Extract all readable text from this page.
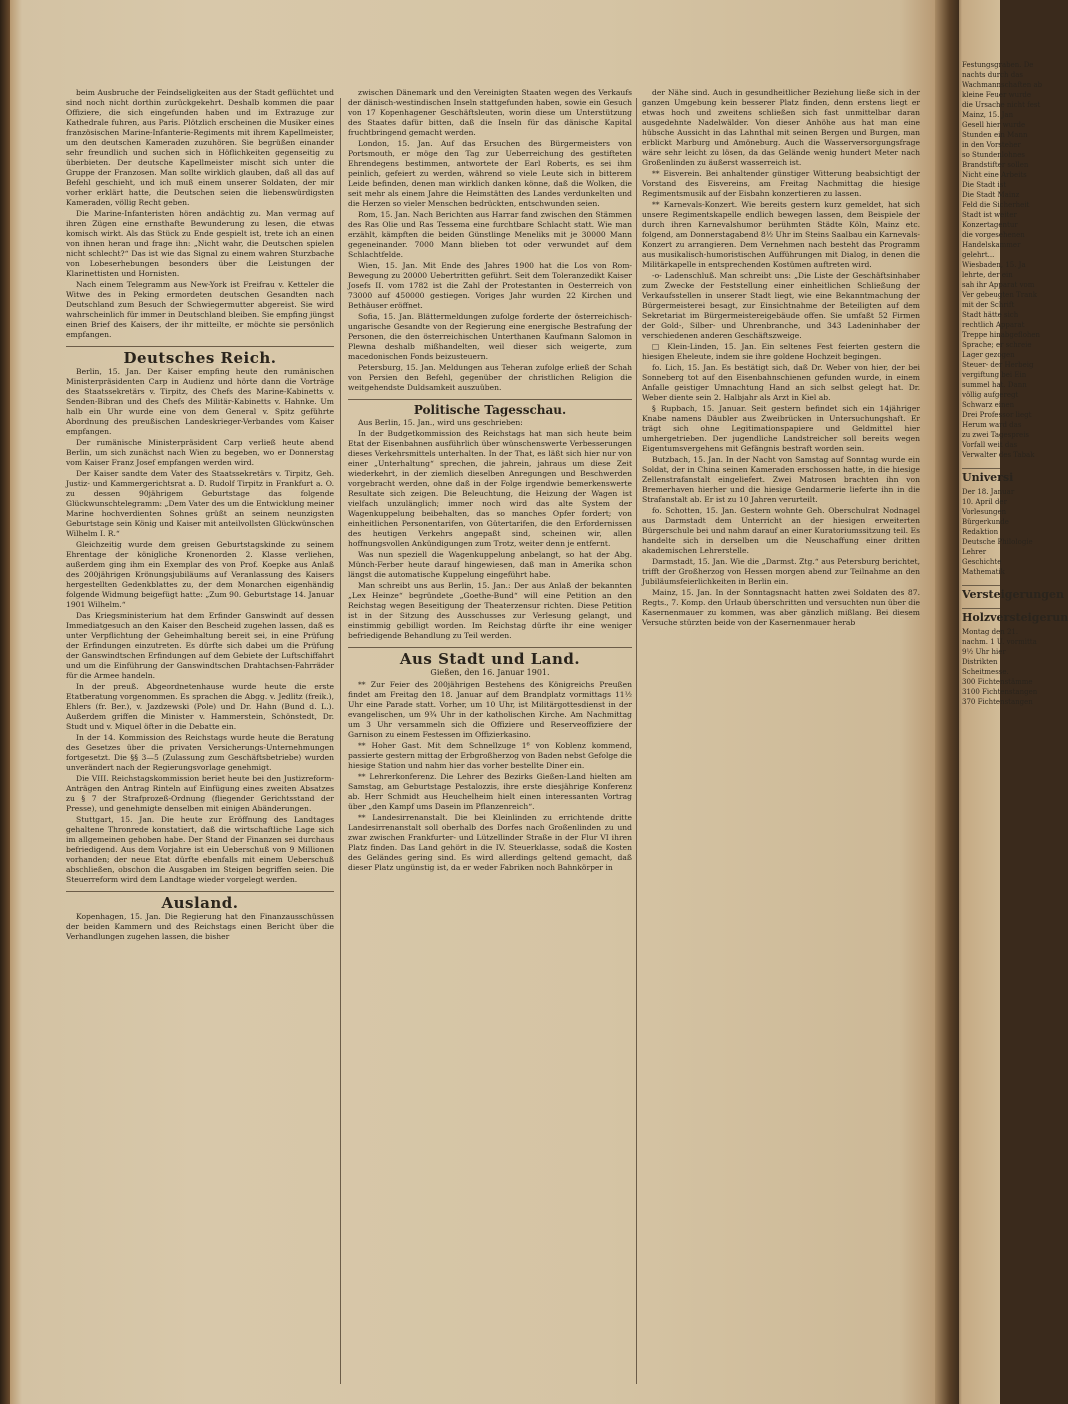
beim Ausbruche der Feindseligkeiten aus der Stadt geflüchtet und sind noch nicht dorthin zurückgekehrt. Deshalb kommen die paar Offiziere, die sich eingefunden haben und im Extrazuge zur Kathedrale fuhren, aus Paris. Plötzlich erscheinen die Musiker eines französischen Marine-Infanterie-Regiments mit ihrem Kapellmeister, um den deutschen Kameraden zuzuhören. Sie begrüßen einander sehr freundlich und suchen sich in Höflichkeiten gegenseitig zu überbieten. Der deutsche Kapellmeister mischt sich unter die Gruppe der Franzosen. Man sollte wirklich glauben, daß all das auf Befehl geschieht, und ich muß einem unserer Soldaten, der mir vorher erklärt hatte, die Deutschen seien die liebenswürdigsten Kameraden, völlig Recht geben.

Die Marine-Infanteristen hören andächtig zu. Man vermag auf ihren Zügen eine ernsthafte Bewunderung zu lesen, die etwas komisch wirkt. Als das Stück zu Ende gespielt ist, trete ich an einen von ihnen heran und frage ihn: „Nicht wahr, die Deutschen spielen nicht schlecht?“ Das ist wie das Signal zu einem wahren Sturzbache von Lobeserhebungen besonders über die Leistungen der Klarinettisten und Hornisten.

Nach einem Telegramm aus New-York ist Freifrau v. Ketteler die Witwe des in Peking ermordeten deutschen Gesandten nach Deutschland zum Besuch der Schwiegermutter abgereist. Sie wird wahrscheinlich für immer in Deutschland bleiben. Sie empfing jüngst einen Brief des Kaisers, der ihr mitteilte, er möchte sie persönlich empfangen.

Deutsches Reich.

Berlin, 15. Jan. Der Kaiser empfing heute den rumänischen Ministerpräsidenten Carp in Audienz und hörte dann die Vorträge des Staatssekretärs v. Tirpitz, des Chefs des Marine-Kabinetts v. Senden-Bibran und des Chefs des Militär-Kabinetts v. Hahnke. Um halb ein Uhr wurde eine von dem General v. Spitz geführte Abordnung des preußischen Landeskrieger-Verbandes vom Kaiser empfangen.

Der rumänische Ministerpräsident Carp verließ heute abend Berlin, um sich zunächst nach Wien zu begeben, wo er Donnerstag vom Kaiser Franz Josef empfangen werden wird.

Der Kaiser sandte dem Vater des Staatssekretärs v. Tirpitz, Geh. Justiz- und Kammergerichtsrat a. D. Rudolf Tirpitz in Frankfurt a. O. zu dessen 90jährigem Geburtstage das folgende Glückwunschtelegramm: „Dem Vater des um die Entwicklung meiner Marine hochverdienten Sohnes grüßt an seinem neunzigsten Geburtstage sein König und Kaiser mit anteilvollsten Glückwünschen Wilhelm I. R.“

Gleichzeitig wurde dem greisen Geburtstagskinde zu seinem Ehrentage der königliche Kronenorden 2. Klasse verliehen, außerdem ging ihm ein Exemplar des von Prof. Koepke aus Anlaß des 200jährigen Krönungsjubiläums auf Veranlassung des Kaisers hergestellten Gedenkblattes zu, der dem Monarchen eigenhändig folgende Widmung beigefügt hatte: „Zum 90. Geburtstage 14. Januar 1901 Wilhelm.“

Das Kriegsministerium hat dem Erfinder Ganswindt auf dessen Immediatgesuch an den Kaiser den Bescheid zugehen lassen, daß es unter Verpflichtung der Geheimhaltung bereit sei, in eine Prüfung der Erfindungen einzutreten. Es dürfte sich dabei um die Prüfung der Ganswindtschen Erfindungen auf dem Gebiete der Luftschiffahrt und um die Einführung der Ganswindtschen Drahtachsen-Fahrräder für die Armee handeln.

In der preuß. Abgeordnetenhause wurde heute die erste Etatberatung vorgenommen. Es sprachen die Abgg. v. Jedlitz (freik.), Ehlers (fr. Ber.), v. Jazdzewski (Pole) und Dr. Hahn (Bund d. L.). Außerdem griffen die Minister v. Hammerstein, Schönstedt, Dr. Studt und v. Miquel öfter in die Debatte ein.

In der 14. Kommission des Reichstags wurde heute die Beratung des Gesetzes über die privaten Versicherungs-Unternehmungen fortgesetzt. Die §§ 3—5 (Zulassung zum Geschäftsbetriebe) wurden unverändert nach der Regierungsvorlage genehmigt.

Die VIII. Reichstagskommission beriet heute bei den Justizreform-Anträgen den Antrag Rinteln auf Einfügung eines zweiten Absatzes zu § 7 der Strafprozeß-Ordnung (fliegender Gerichtsstand der Presse), und genehmigte denselben mit einigen Abänderungen.

Stuttgart, 15. Jan. Die heute zur Eröffnung des Landtages gehaltene Thronrede konstatiert, daß die wirtschaftliche Lage sich im allgemeinen gehoben habe. Der Stand der Finanzen sei durchaus befriedigend. Aus dem Vorjahre ist ein Ueberschuß von 9 Millionen vorhanden; der neue Etat dürfte ebenfalls mit einem Ueberschuß abschließen, obschon die Ausgaben im Steigen begriffen seien. Die Steuerreform wird dem Landtage wieder vorgelegt werden.

Ausland.

Kopenhagen, 15. Jan. Die Regierung hat den Finanzausschüssen der beiden Kammern und des Reichstags einen Bericht über die Verhandlungen zugehen lassen, die bisher

zwischen Dänemark und den Vereinigten Staaten wegen des Verkaufs der dänisch-westindischen Inseln stattgefunden haben, sowie ein Gesuch von 17 Kopenhagener Geschäftsleuten, worin diese um Unterstützung des Staates dafür bitten, daß die Inseln für das dänische Kapital fruchtbringend gemacht werden.

London, 15. Jan. Auf das Ersuchen des Bürgermeisters von Portsmouth, er möge den Tag zur Ueberreichung des gestifteten Ehrendegens bestimmen, antwortete der Earl Roberts, es sei ihm peinlich, gefeiert zu werden, während so viele Leute sich in bitterem Leide befinden, denen man wirklich danken könne, daß die Wolken, die seit mehr als einem Jahre die Heimstätten des Landes verdunkelten und die Herzen so vieler Menschen bedrückten, entschwunden seien.

Rom, 15. Jan. Nach Berichten aus Harrar fand zwischen den Stämmen des Ras Olie und Ras Tessema eine furchtbare Schlacht statt. Wie man erzählt, kämpften die beiden Günstlinge Meneliks mit je 30000 Mann gegeneinander. 7000 Mann blieben tot oder verwundet auf dem Schlachtfelde.

Wien, 15. Jan. Mit Ende des Jahres 1900 hat die Los von Rom-Bewegung zu 20000 Uebertritten geführt. Seit dem Toleranzedikt Kaiser Josefs II. vom 1782 ist die Zahl der Protestanten in Oesterreich von 73000 auf 450000 gestiegen. Voriges Jahr wurden 22 Kirchen und Bethäuser eröffnet.

Sofia, 15. Jan. Blättermeldungen zufolge forderte der österreichisch-ungarische Gesandte von der Regierung eine energische Bestrafung der Personen, die den österreichischen Unterthanen Kaufmann Salomon in Plewna deshalb mißhandelten, weil dieser sich weigerte, zum macedonischen Fonds beizusteuern.

Petersburg, 15. Jan. Meldungen aus Teheran zufolge erließ der Schah von Persien den Befehl, gegenüber der christlichen Religion die weitgehendste Duldsamkeit auszuüben.

Politische Tagesschau.

Aus Berlin, 15. Jan., wird uns geschrieben:

In der Budgetkommission des Reichstags hat man sich heute beim Etat der Eisenbahnen ausführlich über wünschenswerte Verbesserungen dieses Verkehrsmittels unterhalten. In der That, es läßt sich hier nur von einer „Unterhaltung“ sprechen, die jahrein, jahraus um diese Zeit wiederkehrt, in der ziemlich dieselben Anregungen und Beschwerden vorgebracht werden, ohne daß in der Folge irgendwie bemerkenswerte Resultate sich zeigen. Die Beleuchtung, die Heizung der Wagen ist vielfach unzulänglich; immer noch wird das alte System der Wagenkuppelung beibehalten, das so manches Opfer fordert; von einheitlichen Personentarifen, von Gütertarifen, die den Erfordernissen des heutigen Verkehrs angepaßt sind, scheinen wir, allen hoffnungsvollen Ankündigungen zum Trotz, weiter denn je entfernt.

Was nun speziell die Wagenkuppelung anbelangt, so hat der Abg. Münch-Ferber heute darauf hingewiesen, daß man in Amerika schon längst die automatische Kuppelung eingeführt habe.

Man schreibt uns aus Berlin, 15. Jan.: Der aus Anlaß der bekannten „Lex Heinze“ begründete „Goethe-Bund“ will eine Petition an den Reichstag wegen Beseitigung der Theaterzensur richten. Diese Petition ist in der Sitzung des Ausschusses zur Verlesung gelangt, und einstimmig gebilligt worden. Im Reichstag dürfte ihr eine weniger befriedigende Behandlung zu Teil werden.

Aus Stadt und Land.
Gießen, den 16. Januar 1901.

** Zur Feier des 200jährigen Bestehens des Königreichs Preußen findet am Freitag den 18. Januar auf dem Brandplatz vormittags 11½ Uhr eine Parade statt. Vorher, um 10 Uhr, ist Militärgottesdienst in der evangelischen, um 9¾ Uhr in der katholischen Kirche. Am Nachmittag um 3 Uhr versammeln sich die Offiziere und Reserveoffiziere der Garnison zu einem Festessen im Offizierkasino.

** Hoher Gast. Mit dem Schnellzuge 1⁶ von Koblenz kommend, passierte gestern mittag der Erbgroßherzog von Baden nebst Gefolge die hiesige Station und nahm hier das vorher bestellte Diner ein.

** Lehrerkonferenz. Die Lehrer des Bezirks Gießen-Land hielten am Samstag, am Geburtstage Pestalozzis, ihre erste diesjährige Konferenz ab. Herr Schmidt aus Heuchelheim hielt einen interessanten Vortrag über „den Kampf ums Dasein im Pflanzenreich“.

** Landesirrenanstalt. Die bei Kleinlinden zu errichtende dritte Landesirrenanstalt soll oberhalb des Dorfes nach Großenlinden zu und zwar zwischen Frankfurter- und Lützellinder Straße in der Flur VI ihren Platz finden. Das Land gehört in die IV. Steuerklasse, sodaß die Kosten des Geländes gering sind. Es wird allerdings geltend gemacht, daß dieser Platz ungünstig ist, da er weder Fabriken noch Bahnkörper in

der Nähe sind. Auch in gesundheitlicher Beziehung ließe sich in der ganzen Umgebung kein besserer Platz finden, denn erstens liegt er etwas hoch und zweitens schließen sich fast unmittelbar daran ausgedehnte Nadelwälder. Von dieser Anhöhe aus hat man eine hübsche Aussicht in das Lahnthal mit seinen Bergen und Burgen, man erblickt Marburg und Amöneburg. Auch die Wasserversorgungsfrage wäre sehr leicht zu lösen, da das Gelände wenig hundert Meter nach Großenlinden zu äußerst wasserreich ist.

** Eisverein. Bei anhaltender günstiger Witterung beabsichtigt der Vorstand des Eisvereins, am Freitag Nachmittag die hiesige Regimentsmusik auf der Eisbahn konzertieren zu lassen.

** Karnevals-Konzert. Wie bereits gestern kurz gemeldet, hat sich unsere Regimentskapelle endlich bewegen lassen, dem Beispiele der durch ihren Karnevalshumor berühmten Städte Köln, Mainz etc. folgend, am Donnerstagabend 8½ Uhr im Steins Saalbau ein Karnevals-Konzert zu arrangieren. Dem Vernehmen nach besteht das Programm aus musikalisch-humoristischen Aufführungen mit Dialog, in denen die Militärkapelle in entsprechenden Kostümen auftreten wird.

-o- Ladenschluß. Man schreibt uns: „Die Liste der Geschäftsinhaber zum Zwecke der Feststellung einer einheitlichen Schließung der Verkaufsstellen in unserer Stadt liegt, wie eine Bekanntmachung der Bürgermeisterei besagt, zur Einsichtnahme der Beteiligten auf dem Sekretariat im Bürgermeistereigebäude offen. Sie umfaßt 52 Firmen der Gold-, Silber- und Uhrenbranche, und 343 Ladeninhaber der verschiedenen anderen Geschäftszweige.

□ Klein-Linden, 15. Jan. Ein seltenes Fest feierten gestern die hiesigen Eheleute, indem sie ihre goldene Hochzeit begingen.

fo. Lich, 15. Jan. Es bestätigt sich, daß Dr. Weber von hier, der bei Sonneberg tot auf den Eisenbahnschienen gefunden wurde, in einem Anfalle geistiger Umnachtung Hand an sich selbst gelegt hat. Dr. Weber diente sein 2. Halbjahr als Arzt in Kiel ab.

§ Rupbach, 15. Januar. Seit gestern befindet sich ein 14jähriger Knabe namens Däubler aus Zweibrücken in Untersuchungshaft. Er trägt sich ohne Legitimationspapiere und Geldmittel hier umhergetrieben. Der jugendliche Landstreicher soll bereits wegen Eigentumsvergehens mit Gefängnis bestraft worden sein.

Butzbach, 15. Jan. In der Nacht von Samstag auf Sonntag wurde ein Soldat, der in China seinen Kameraden erschossen hatte, in die hiesige Zellenstrafanstalt eingeliefert. Zwei Matrosen brachten ihn von Bremerhaven hierher und die hiesige Gendarmerie lieferte ihn in die Strafanstalt ab. Er ist zu 10 Jahren verurteilt.

fo. Schotten, 15. Jan. Gestern wohnte Geh. Oberschulrat Nodnagel aus Darmstadt dem Unterricht an der hiesigen erweiterten Bürgerschule bei und nahm darauf an einer Kuratoriumssitzung teil. Es handelte sich in derselben um die Neuschaffung einer dritten akademischen Lehrerstelle.

Darmstadt, 15. Jan. Wie die „Darmst. Ztg.“ aus Petersburg berichtet, trifft der Großherzog von Hessen morgen abend zur Teilnahme an den Jubiläumsfeierlichkeiten in Berlin ein.

Mainz, 15. Jan. In der Sonntagsnacht hatten zwei Soldaten des 87. Regts., 7. Komp. den Urlaub überschritten und versuchten nun über die Kasernenmauer zu kommen, was aber gänzlich mißlang. Bei diesem Versuche stürzten beide von der Kasernenmauer herab

Festungsgraben. De
nachts durch das
Wachmannschaften ab
kleine Feuer wurde
die Ursache nicht fest
Mainz, 15. Jan
Gesell hier wurde
Stunden ein Mann
in den Vorsteher
so Stundenlohnes
Brandstifter sollen
Nicht eine Arbeits
Die Stadt ist
Die Stadt Mainz
Feld die Sicherheit
Stadt ist weiter
Konzertagentur
die vorgesehenen
Handelskammer
gelehrt...
Wiesbaden, 15. Ja
lehrte, der ein
sah ihr Apparat vom
Ver gebeugten Trank
mit der Schrift
Stadt hätte sich
rechtlich Apparat
Treppe hinabgeflohen
Sprache; er schreie
Lager gezogen
Steuer- der Herbeig
vergiftung bei Ein
summel hat. Dann
völlig aufgeregt
Schwarz einen
Drei Professor liegt
Herum ward das
zu zwei Tagespreis
Vorfall weit das
Verwalter des Tabak
Universi
Der 18. Januar
10. April der
Vorlesungen
Bürgerkunde
Redaktion
Deutsche Philologie
Lehrer
Geschichte
Mathematik
Versteigerungen
Holzversteigerun
Montag den 21.
nachm. 1 U. vormitta
9½ Uhr hier
Distrikten
Scheitmesse.
300 Fichtenstämme
3100 Fichtenstangen
370 Fichtenstangen
